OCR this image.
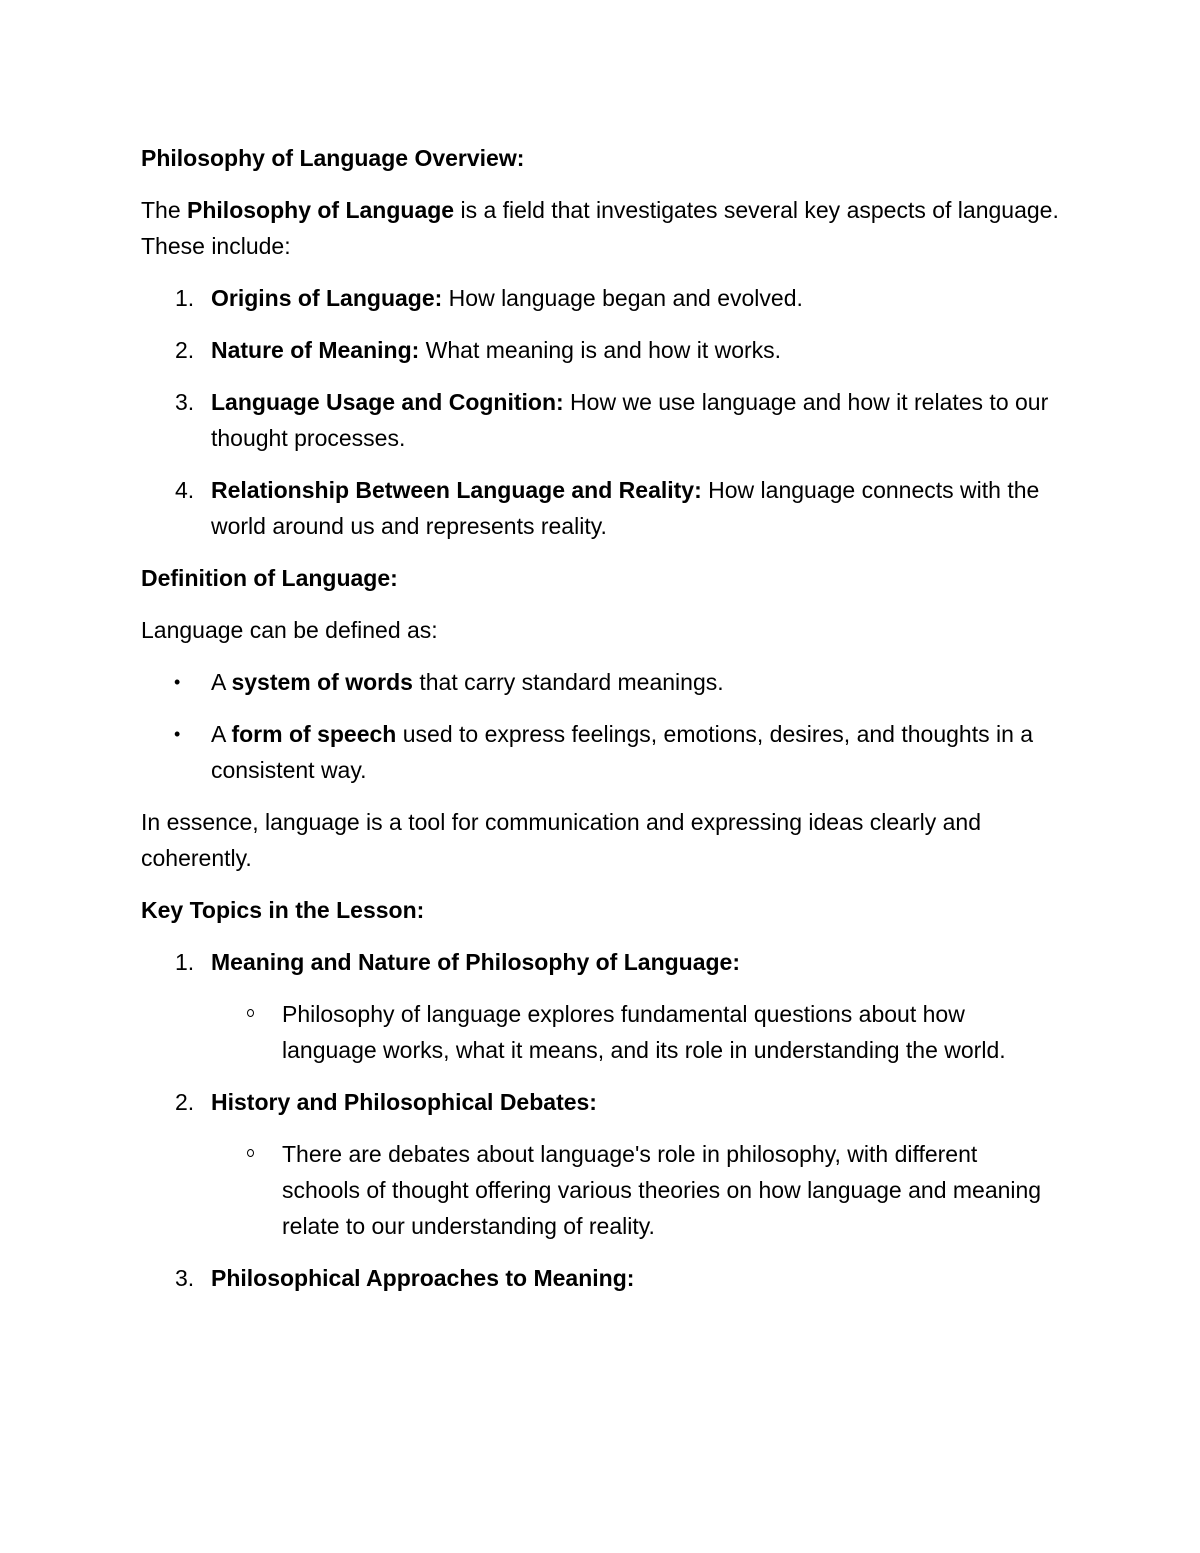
Philosophy of Language Overview:

The Philosophy of Language is a field that investigates several key aspects of language. These include:

1. Origins of Language: How language began and evolved.
2. Nature of Meaning: What meaning is and how it works.
3. Language Usage and Cognition: How we use language and how it relates to our thought processes.
4. Relationship Between Language and Reality: How language connects with the world around us and represents reality.

Definition of Language:

Language can be defined as:

• A system of words that carry standard meanings.
• A form of speech used to express feelings, emotions, desires, and thoughts in a consistent way.

In essence, language is a tool for communication and expressing ideas clearly and coherently.

Key Topics in the Lesson:

1. Meaning and Nature of Philosophy of Language:
Philosophy of language explores fundamental questions about how language works, what it means, and its role in understanding the world.
2. History and Philosophical Debates:
There are debates about language's role in philosophy, with different schools of thought offering various theories on how language and meaning relate to our understanding of reality.
3. Philosophical Approaches to Meaning:
